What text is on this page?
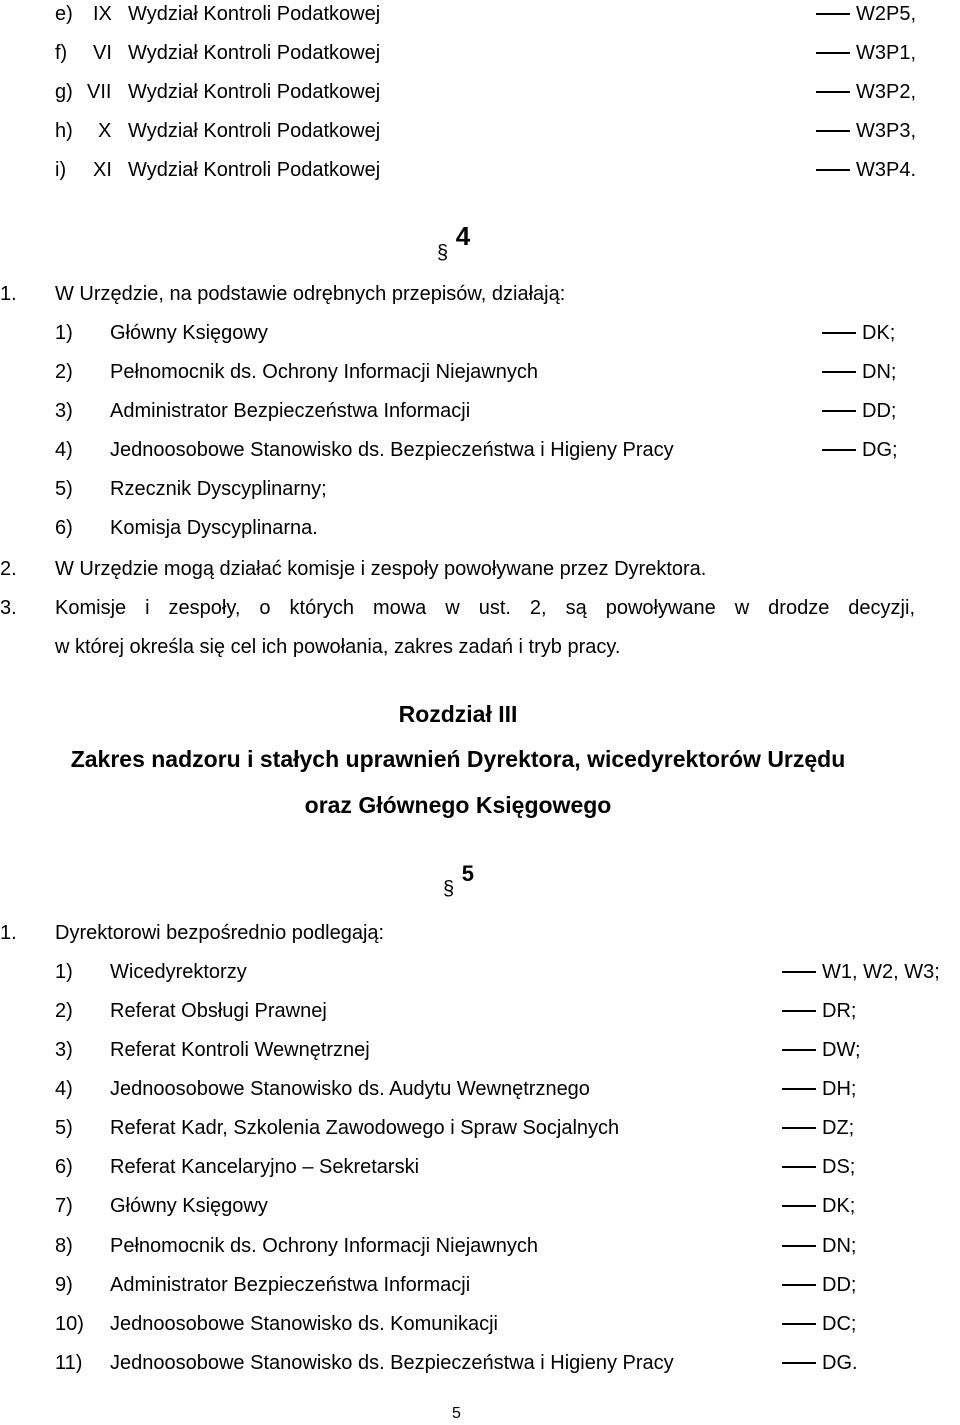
e) IX Wydział Kontroli Podatkowej	W2P5,
f) VI Wydział Kontroli Podatkowej	W3P1,
g) VII Wydział Kontroli Podatkowej	W3P2,
h) X Wydział Kontroli Podatkowej	W3P3,
i) XI Wydział Kontroli Podatkowej	W3P4.
§ 4
1. W Urzędzie, na podstawie odrębnych przepisów, działają:
1) Główny Księgowy	DK;
2) Pełnomocnik ds. Ochrony Informacji Niejawnych	DN;
3) Administrator Bezpieczeństwa Informacji	DD;
4) Jednoosobowe Stanowisko ds. Bezpieczeństwa i Higieny Pracy	DG;
5) Rzecznik Dyscyplinarny;
6) Komisja Dyscyplinarna.
2. W Urzędzie mogą działać komisje i zespoły powoływane przez Dyrektora.
3. Komisje i zespoły, o których mowa w ust. 2, są powoływane w drodze decyzji,
w której określa się cel ich powołania, zakres zadań i tryb pracy.
Rozdział III
Zakres nadzoru i stałych uprawnień Dyrektora, wicedyrektorów Urzędu
oraz Głównego Księgowego
§ 5
1. Dyrektorowi bezpośrednio podlegają:
1) Wicedyrektorzy	W1, W2, W3;
2) Referat Obsługi Prawnej	DR;
3) Referat Kontroli Wewnętrznej	DW;
4) Jednoosobowe Stanowisko ds. Audytu Wewnętrznego	DH;
5) Referat Kadr, Szkolenia Zawodowego i Spraw Socjalnych	DZ;
6) Referat Kancelaryjno – Sekretarski	DS;
7) Główny Księgowy	DK;
8) Pełnomocnik ds. Ochrony Informacji Niejawnych	DN;
9) Administrator Bezpieczeństwa Informacji	DD;
10) Jednoosobowe Stanowisko ds. Komunikacji	DC;
11) Jednoosobowe Stanowisko ds. Bezpieczeństwa i Higieny Pracy	DG.
5
